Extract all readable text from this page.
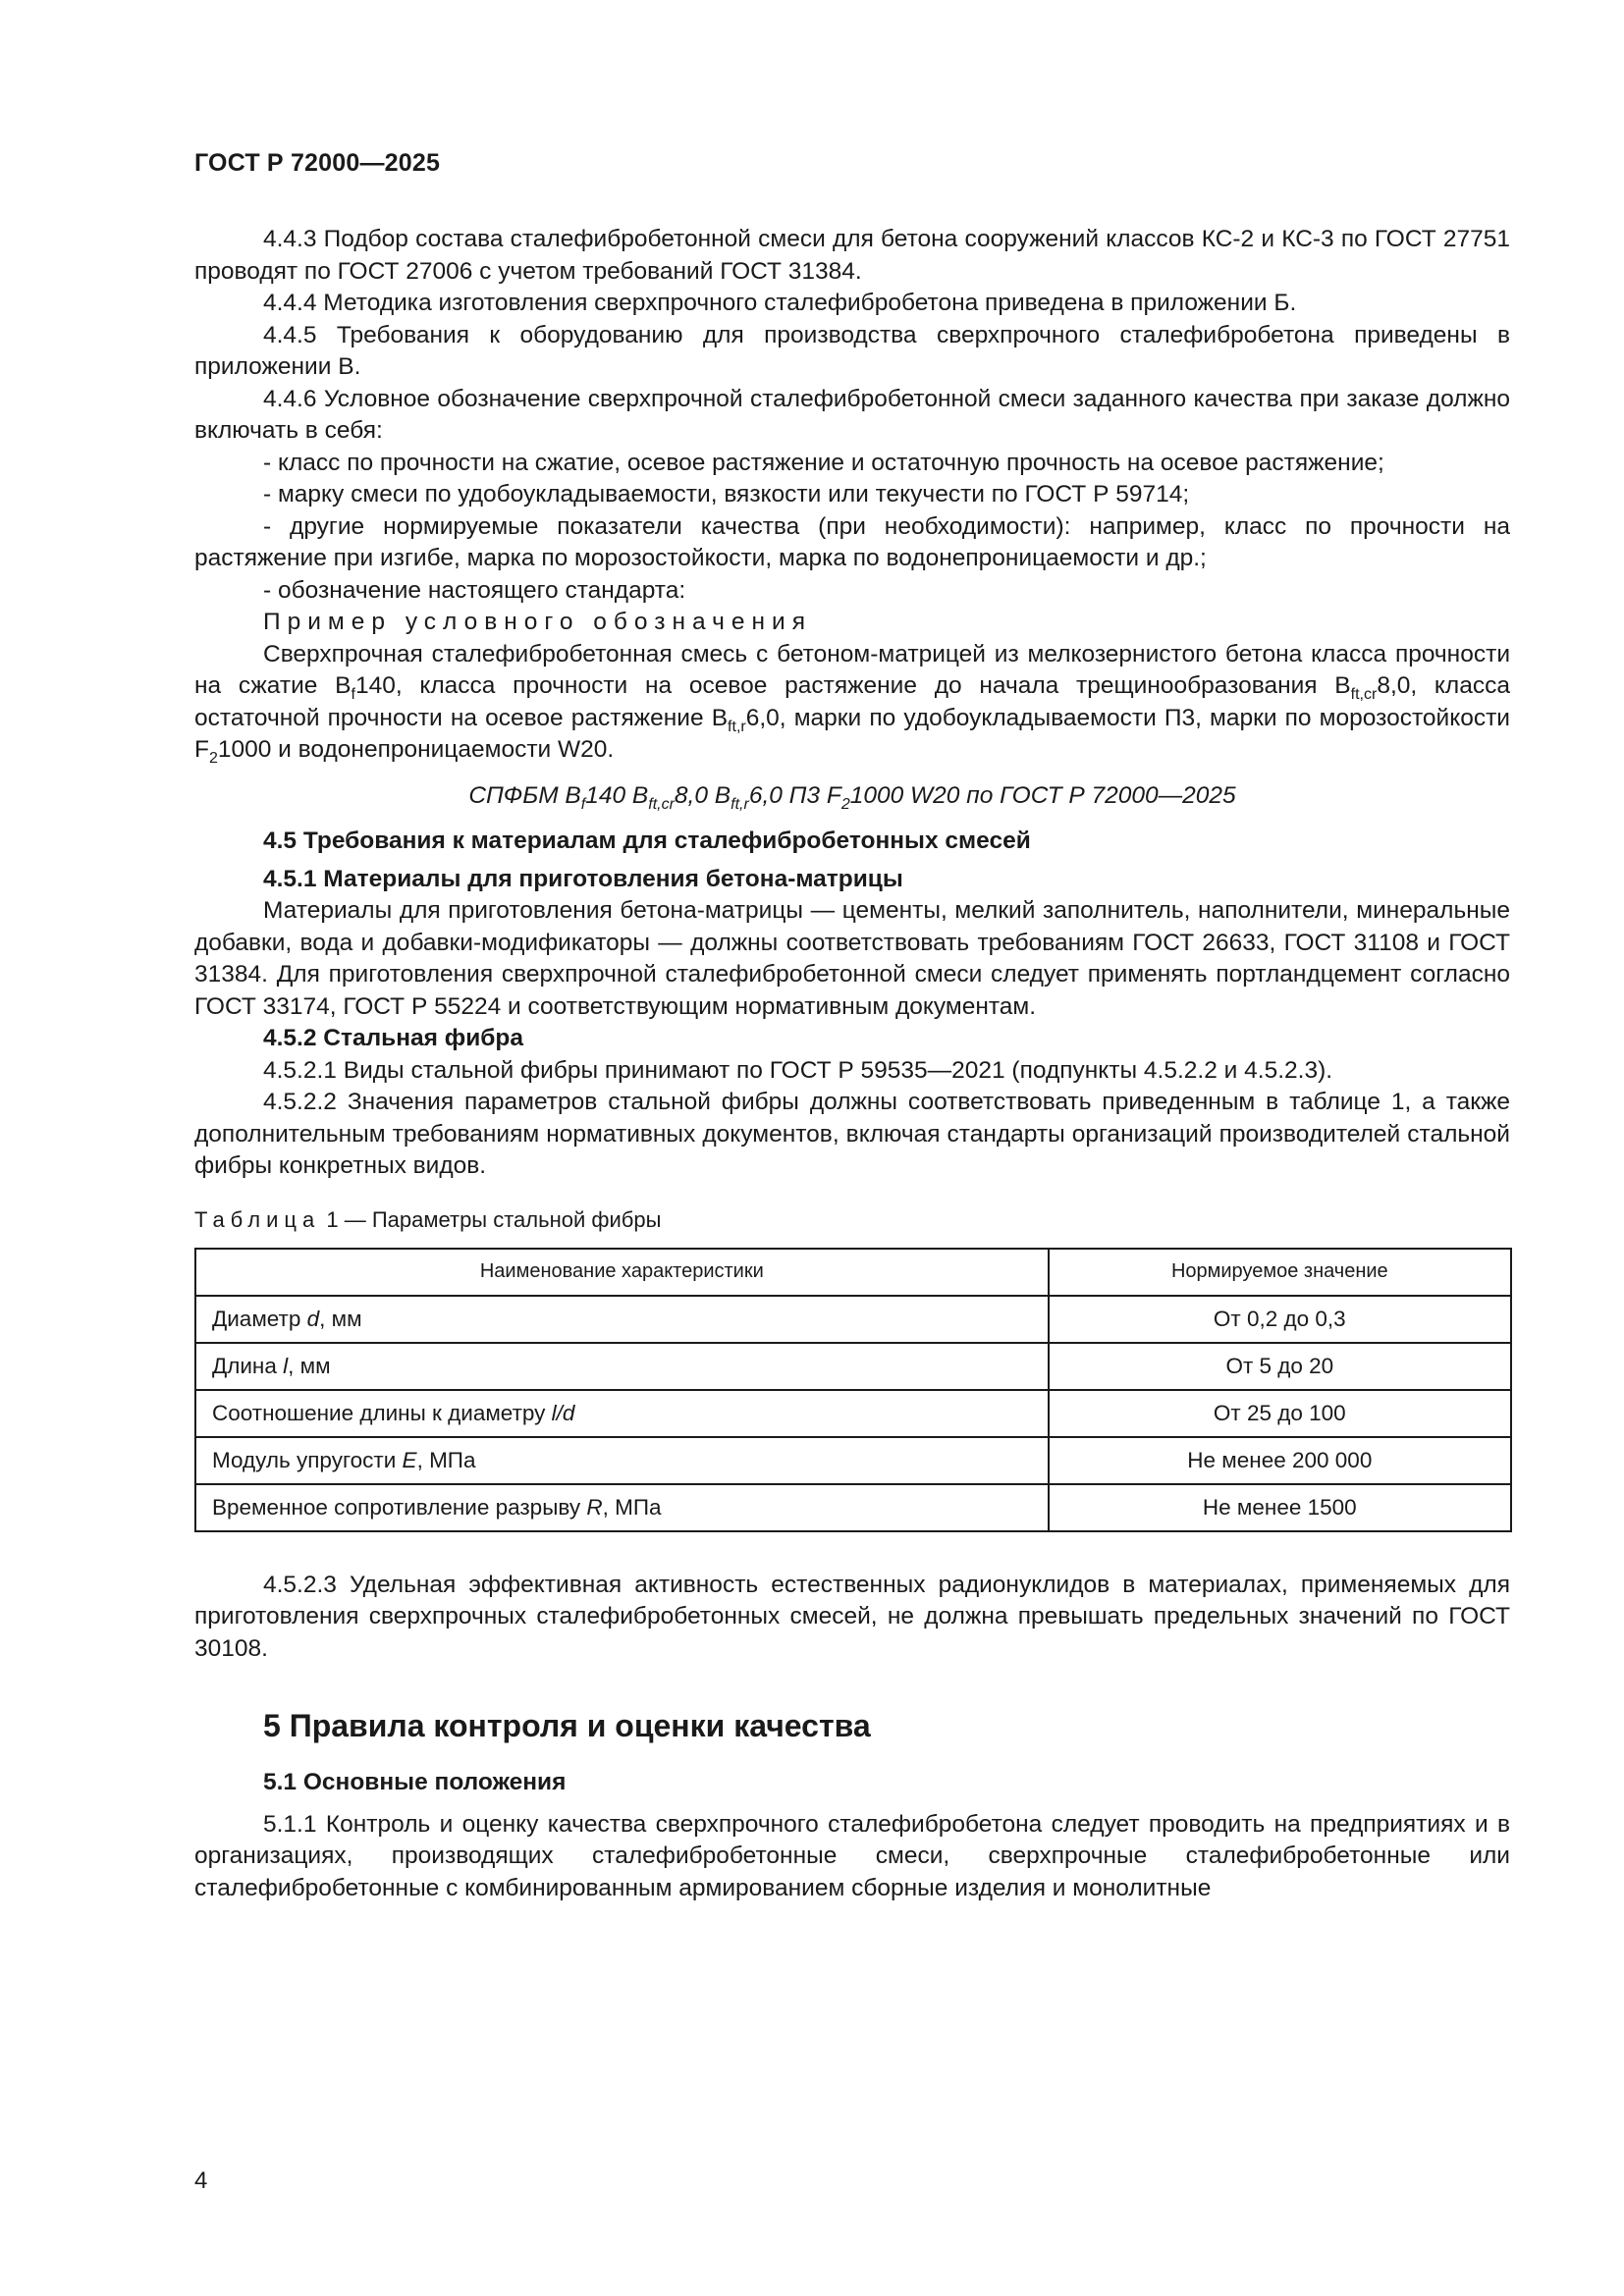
ГОСТ Р 72000—2025

4.4.3 Подбор состава сталефибробетонной смеси для бетона сооружений классов КС-2 и КС-3 по ГОСТ 27751 проводят по ГОСТ 27006 с учетом требований ГОСТ 31384.

4.4.4 Методика изготовления сверхпрочного сталефибробетона приведена в приложении Б.

4.4.5 Требования к оборудованию для производства сверхпрочного сталефибробетона приведены в приложении В.

4.4.6 Условное обозначение сверхпрочной сталефибробетонной смеси заданного качества при заказе должно включать в себя:

- класс по прочности на сжатие, осевое растяжение и остаточную прочность на осевое растяжение;

- марку смеси по удобоукладываемости, вязкости или текучести по ГОСТ Р 59714;

- другие нормируемые показатели качества (при необходимости): например, класс по прочности на растяжение при изгибе, марка по морозостойкости, марка по водонепроницаемости и др.;

- обозначение настоящего стандарта:

Пример условного обозначения

Сверхпрочная сталефибробетонная смесь с бетоном-матрицей из мелкозернистого бетона класса прочности на сжатие $B_f140$, класса прочности на осевое растяжение до начала трещинообразования $B_{ft,cr}8,0$, класса остаточной прочности на осевое растяжение $B_{ft,r}6,0$, марки по удобоукладываемости П3, марки по морозостойкости $F_21000$ и водонепроницаемости W20.

СПФБМ $B_f140$ $B_{ft,cr}8,0$ $B_{ft,r}6,0$ П3 $F_21000$ W20 по ГОСТ Р 72000—2025

4.5 Требования к материалам для сталефибробетонных смесей
4.5.1 Материалы для приготовления бетона-матрицы

Материалы для приготовления бетона-матрицы — цементы, мелкий заполнитель, наполнители, минеральные добавки, вода и добавки-модификаторы — должны соответствовать требованиям ГОСТ 26633, ГОСТ 31108 и ГОСТ 31384. Для приготовления сверхпрочной сталефибробетонной смеси следует применять портландцемент согласно ГОСТ 33174, ГОСТ Р 55224 и соответствующим нормативным документам.

4.5.2 Стальная фибра

4.5.2.1 Виды стальной фибры принимают по ГОСТ Р 59535—2021 (подпункты 4.5.2.2 и 4.5.2.3).

4.5.2.2 Значения параметров стальной фибры должны соответствовать приведенным в таблице 1, а также дополнительным требованиям нормативных документов, включая стандарты организаций производителей стальной фибры конкретных видов.

Таблица 1 — Параметры стальной фибры
Наименование характеристики	Нормируемое значение
Диаметр d, мм	От 0,2 до 0,3
Длина l, мм	От 5 до 20
Соотношение длины к диаметру l/d	От 25 до 100
Модуль упругости E, МПа	Не менее 200 000
Временное сопротивление разрыву R, МПа	Не менее 1500

4.5.2.3 Удельная эффективная активность естественных радионуклидов в материалах, применяемых для приготовления сверхпрочных сталефибробетонных смесей, не должна превышать предельных значений по ГОСТ 30108.

5 Правила контроля и оценки качества
5.1 Основные положения

5.1.1 Контроль и оценку качества сверхпрочного сталефибробетона следует проводить на предприятиях и в организациях, производящих сталефибробетонные смеси, сверхпрочные сталефибробетонные или сталефибробетонные с комбинированным армированием сборные изделия и монолитные

4
